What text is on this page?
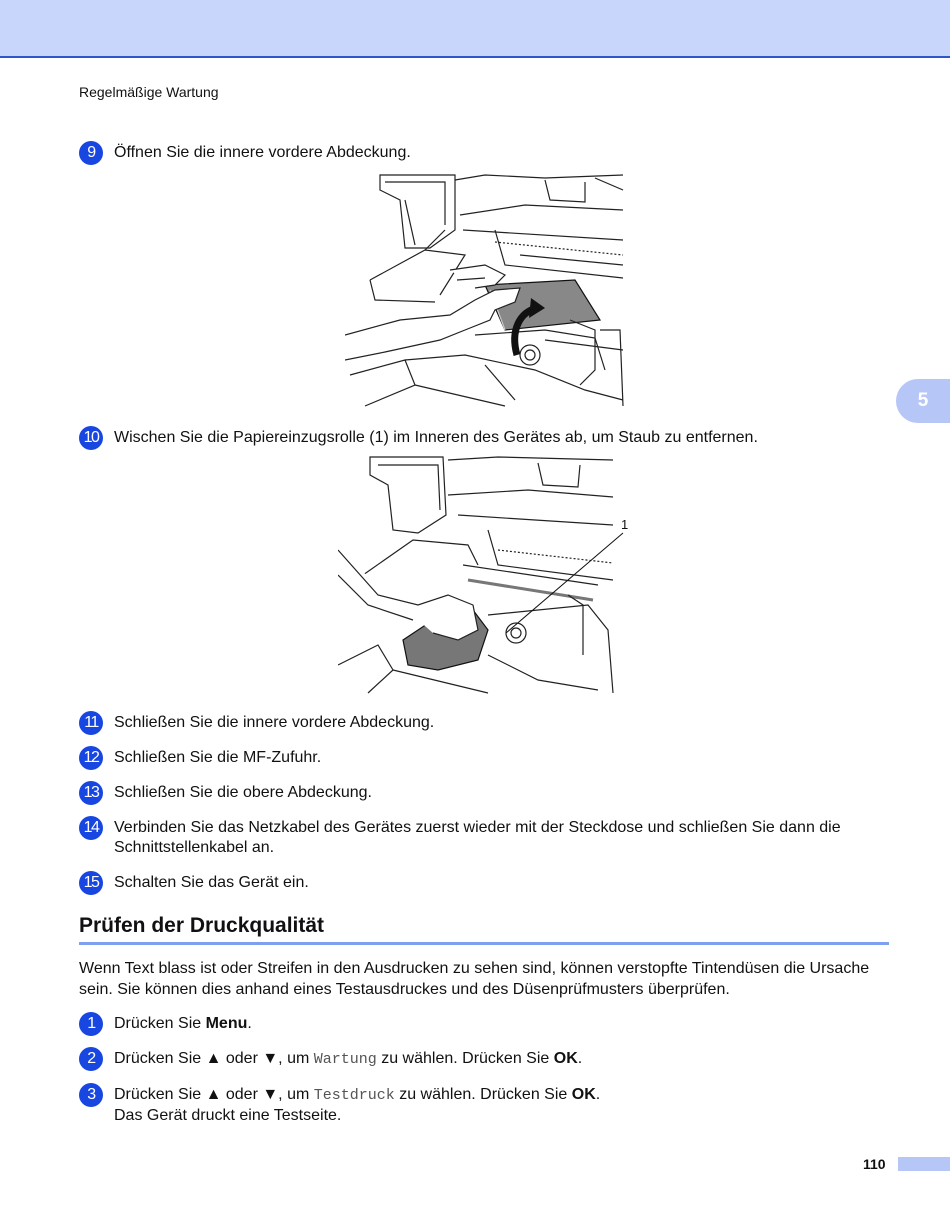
Regelmäßige Wartung
5
9	Öffnen Sie die innere vordere Abdeckung.
10 Wischen Sie die Papiereinzugsrolle (1) im Inneren des Gerätes ab, um Staub zu entfernen.
1
11	Schließen Sie die innere vordere Abdeckung.
12 Schließen Sie die MF-Zufuhr.
13 Schließen Sie die obere Abdeckung.
14 Verbinden Sie das Netzkabel des Gerätes zuerst wieder mit der Steckdose und schließen Sie dann die Schnittstellenkabel an.
15 Schalten Sie das Gerät ein.
Prüfen der Druckqualität
Wenn Text blass ist oder Streifen in den Ausdrucken zu sehen sind, können verstopfte Tintendüsen die Ursache sein. Sie können dies anhand eines Testausdruckes und des Düsenprüfmusters überprüfen.
1	Drücken Sie Menu.
2	Drücken Sie ▲ oder ▼, um Wartung zu wählen. Drücken Sie OK.
3	Drücken Sie ▲ oder ▼, um Testdruck zu wählen. Drücken Sie OK.
Das Gerät druckt eine Testseite.
110
